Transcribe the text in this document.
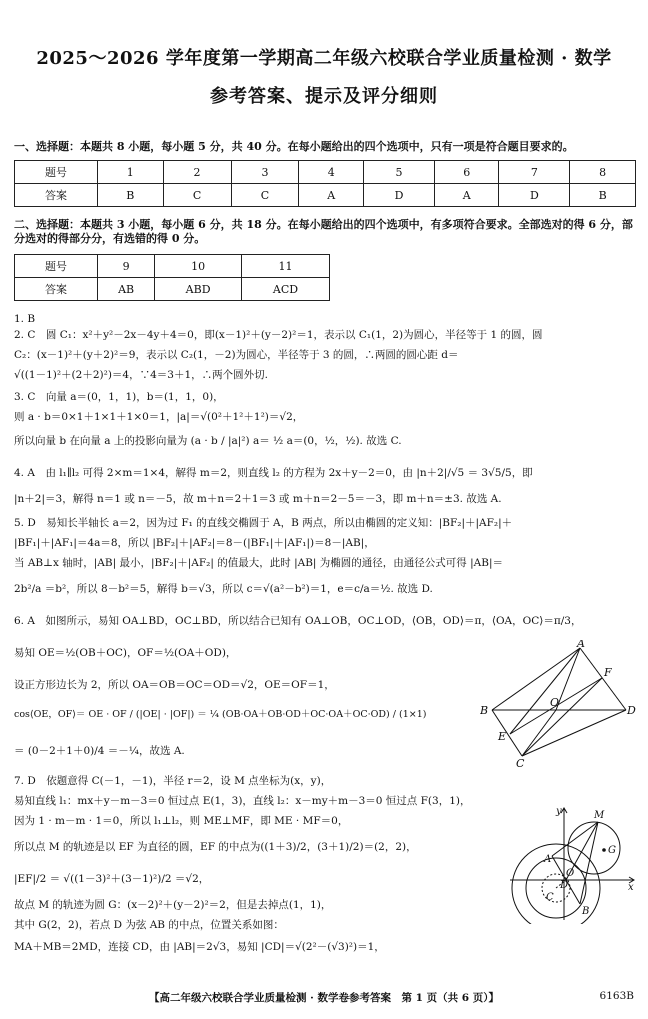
2025～2026 学年度第一学期高二年级六校联合学业质量检测 · 数学
参考答案、提示及评分细则
一、选择题：本题共 8 小题，每小题 5 分，共 40 分。在每小题给出的四个选项中，只有一项是符合题目要求的。
题号	1	2	3	4	5	6	7	8
答案	B	C	C	A	D	A	D	B
二、选择题：本题共 3 小题，每小题 6 分，共 18 分。在每小题给出的四个选项中，有多项符合要求。全部选对的得 6 分，部分选对的得部分分，有选错的得 0 分。
题号	9	10	11
答案	AB	ABD	ACD
1. B
2. C　圆 C₁：x²＋y²－2x－4y＋4＝0，即(x－1)²＋(y－2)²＝1，表示以 C₁(1，2)为圆心，半径等于 1 的圆，圆
C₂：(x－1)²＋(y＋2)²＝9，表示以 C₂(1，－2)为圆心，半径等于 3 的圆，∴两圆的圆心距 d＝
√((1－1)²＋(2＋2)²)＝4，∵4＝3＋1，∴两个圆外切.
3. C　向量 a＝(0，1，1)，b＝(1，1，0)，
则 a · b＝0×1＋1×1＋1×0＝1，|a|＝√(0²＋1²＋1²)＝√2，
所以向量 b 在向量 a 上的投影向量为 (a · b / |a|²) a＝ ½ a＝(0，½，½). 故选 C.
4. A　由 l₁∥l₂ 可得 2×m＝1×4，解得 m＝2，则直线 l₂ 的方程为 2x＋y－2＝0，由 |n＋2|/√5 ＝ 3√5/5，即
|n＋2|＝3，解得 n＝1 或 n＝－5，故 m＋n＝2＋1＝3 或 m＋n＝2－5＝－3，即 m＋n＝±3. 故选 A.
5. D　易知长半轴长 a＝2，因为过 F₁ 的直线交椭圆于 A，B 两点，所以由椭圆的定义知：|BF₂|＋|AF₂|＋
|BF₁|＋|AF₁|＝4a＝8，所以 |BF₂|＋|AF₂|＝8－(|BF₁|＋|AF₁|)＝8－|AB|，
当 AB⊥x 轴时，|AB| 最小，|BF₂|＋|AF₂| 的值最大，此时 |AB| 为椭圆的通径，由通径公式可得 |AB|＝
2b²/a ＝b²，所以 8－b²＝5，解得 b＝√3，所以 c＝√(a²－b²)＝1，e＝c/a＝½. 故选 D.
6. A　如图所示，易知 OA⊥BD，OC⊥BD，所以结合已知有 OA⊥OB，OC⊥OD，⟨OB，OD⟩＝π，⟨OA，OC⟩＝π/3，
易知 OE＝½(OB＋OC)，OF＝½(OA＋OD)，
设正方形边长为 2，所以 OA＝OB＝OC＝OD＝√2，OE＝OF＝1，
cos⟨OE，OF⟩＝ OE · OF / (|OE| · |OF|) ＝ ¼ (OB·OA＋OB·OD＋OC·OA＋OC·OD) / (1×1)
＝ (0－2＋1＋0)/4 ＝－¼，故选 A.
A
B
C
D
E
F
O
7. D　依题意得 C(－1，－1)，半径 r＝2，设 M 点坐标为(x，y)，
易知直线 l₁：mx＋y－m－3＝0 恒过点 E(1，3)，直线 l₂：x－my＋m－3＝0 恒过点 F(3，1)，
因为 1 · m－m · 1＝0，所以 l₁⊥l₂，则 ME⊥MF，即 ME · MF＝0，
所以点 M 的轨迹是以 EF 为直径的圆，EF 的中点为((1＋3)/2，(3＋1)/2)＝(2，2)，
|EF|/2 ＝ √((1－3)²＋(3－1)²)/2 ＝√2，
故点 M 的轨迹为圆 G：(x－2)²＋(y－2)²＝2，但是去掉点(1，1)，
其中 G(2，2)，若点 D 为弦 AB 的中点，位置关系如图：
MA＋MB＝2MD，连接 CD，由 |AB|＝2√3，易知 |CD|＝√(2²－(√3)²)＝1，
y
x
M
G
A
O
D
C
B
【高二年级六校联合学业质量检测 · 数学卷参考答案　第 1 页（共 6 页）】	6163B
